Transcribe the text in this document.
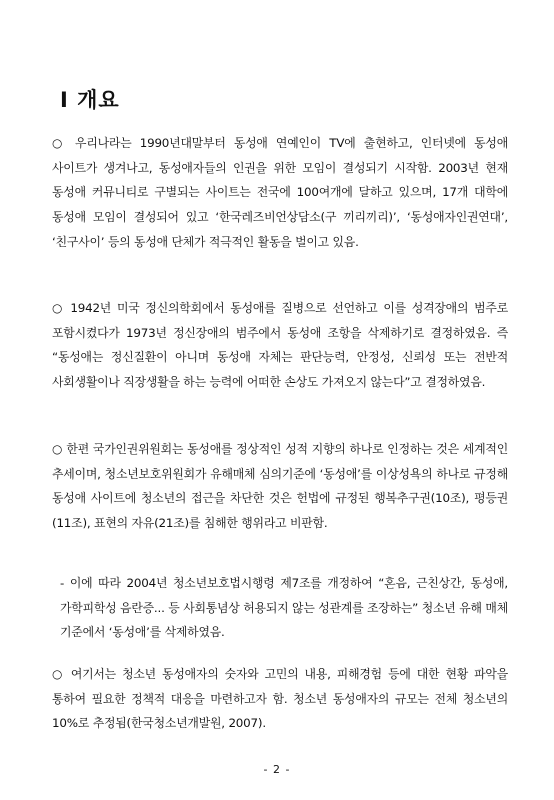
Ⅰ 개요
○ 우리나라는 1990년대말부터 동성애 연예인이 TV에 출현하고, 인터넷에 동성애 사이트가 생겨나고, 동성애자들의 인권을 위한 모임이 결성되기 시작함. 2003년 현재 동성애 커뮤니티로 구별되는 사이트는 전국에 100여개에 달하고 있으며, 17개 대학에 동성애 모임이 결성되어 있고 ‘한국레즈비언상담소(구 끼리끼리)’, ‘동성애자인권연대’, ‘친구사이’ 등의 동성애 단체가 적극적인 활동을 벌이고 있음.
○ 1942년 미국 정신의학회에서 동성애를 질병으로 선언하고 이를 성격장애의 범주로 포함시켰다가 1973년 정신장애의 범주에서 동성애 조항을 삭제하기로 결정하였음. 즉 “동성애는 정신질환이 아니며 동성애 자체는 판단능력, 안정성, 신뢰성 또는 전반적 사회생활이나 직장생활을 하는 능력에 어떠한 손상도 가져오지 않는다”고 결정하였음.
○ 한편 국가인권위원회는 동성애를 정상적인 성적 지향의 하나로 인정하는 것은 세계적인 추세이며, 청소년보호위원회가 유해매체 심의기준에 ‘동성애’를 이상성욕의 하나로 규정해 동성애 사이트에 청소년의 접근을 차단한 것은 헌법에 규정된 행복추구권(10조), 평등권(11조), 표현의 자유(21조)를 침해한 행위라고 비판함.
- 이에 따라 2004년 청소년보호법시행령 제7조를 개정하여 “혼음, 근친상간, 동성애, 가학피학성 음란증... 등 사회통념상 허용되지 않는 성관계를 조장하는” 청소년 유해 매체 기준에서 ‘동성애’를 삭제하였음.
○ 여기서는 청소년 동성애자의 숫자와 고민의 내용, 피해경험 등에 대한 현황 파악을 통하여 필요한 정책적 대응을 마련하고자 함. 청소년 동성애자의 규모는 전체 청소년의 10%로 추정됨(한국청소년개발원, 2007).
- 2 -
